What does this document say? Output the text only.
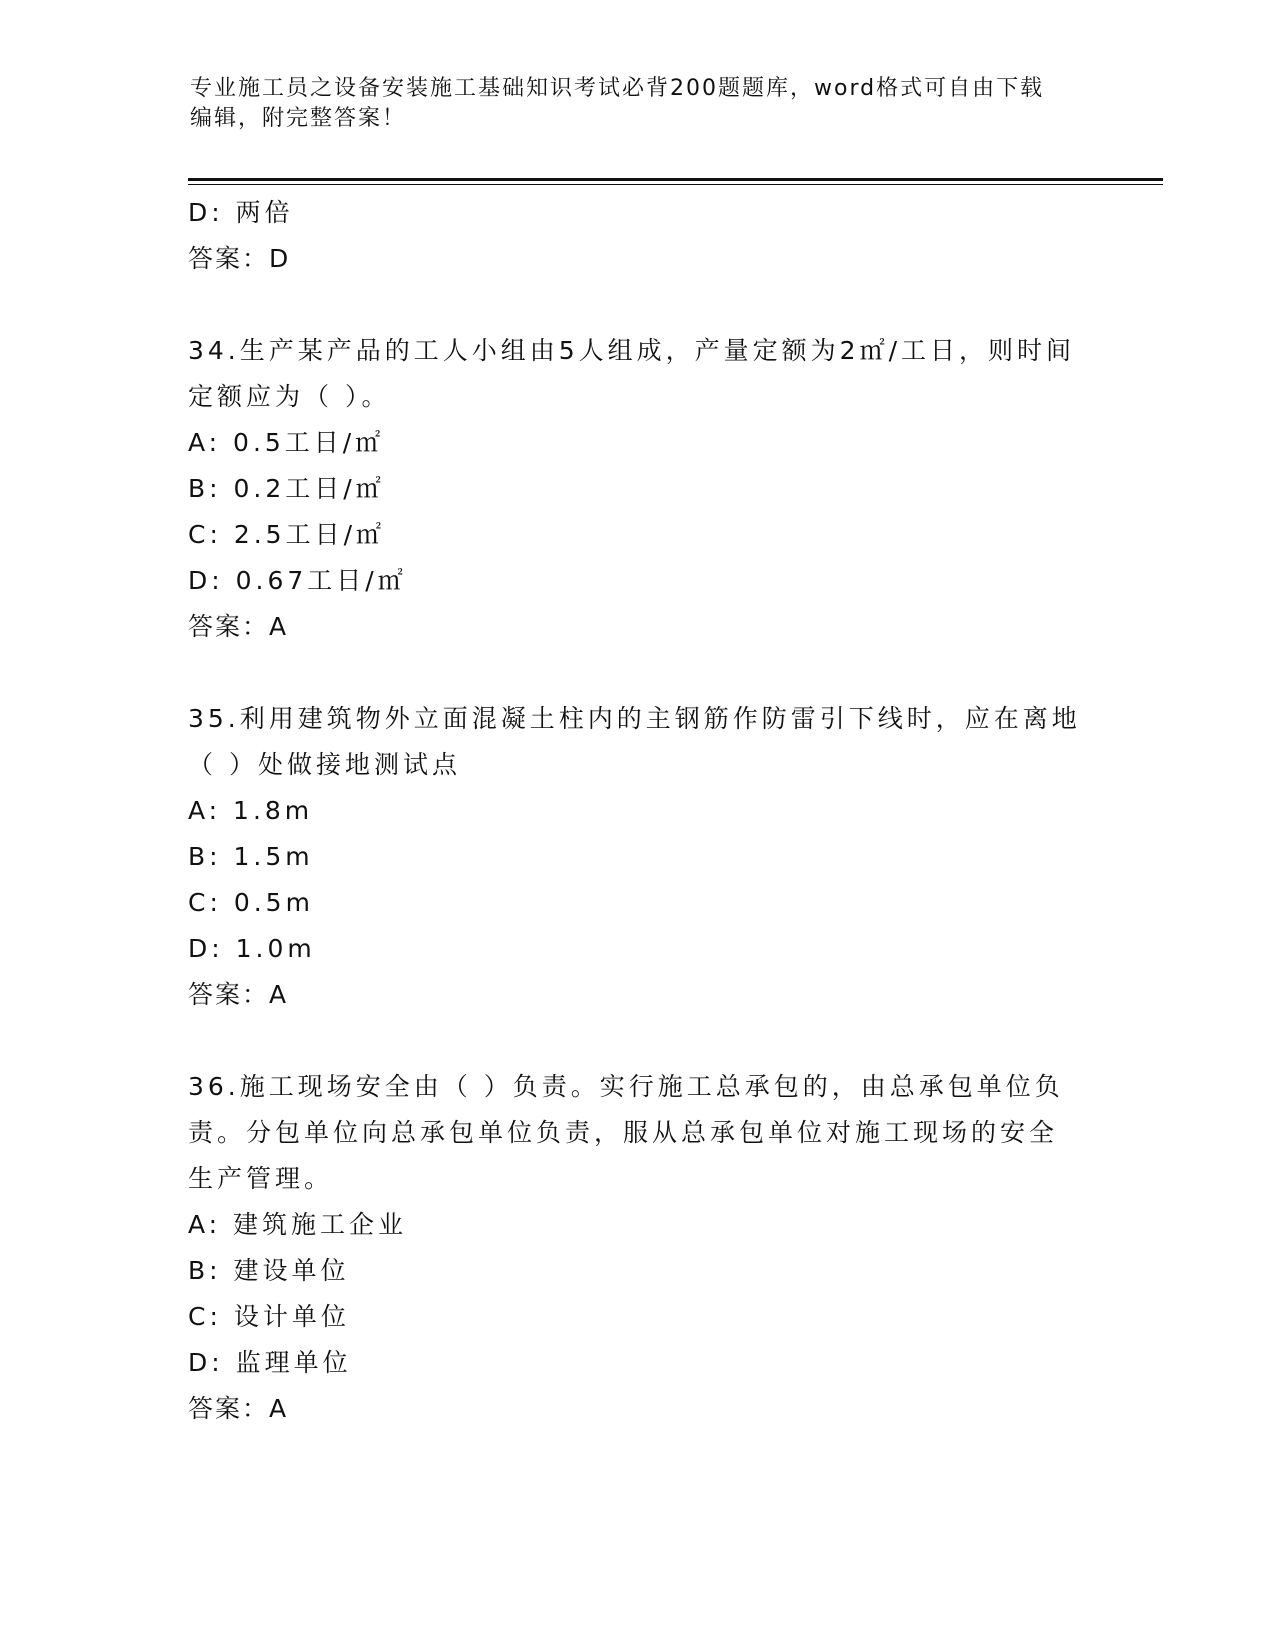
专业施工员之设备安装施工基础知识考试必背200题题库，word格式可自由下载
编辑，附完整答案！
D: 两倍
答案：D
34.生产某产品的工人小组由5人组成，产量定额为2㎡/工日，则时间
定额应为（ ）。
A: 0.5工日/㎡
B: 0.2工日/㎡
C: 2.5工日/㎡
D: 0.67工日/㎡
答案：A
35.利用建筑物外立面混凝土柱内的主钢筋作防雷引下线时，应在离地
（ ）处做接地测试点
A: 1.8m
B: 1.5m
C: 0.5m
D: 1.0m
答案：A
36.施工现场安全由（ ）负责。实行施工总承包的，由总承包单位负
责。分包单位向总承包单位负责，服从总承包单位对施工现场的安全
生产管理。
A: 建筑施工企业
B: 建设单位
C: 设计单位
D: 监理单位
答案：A
